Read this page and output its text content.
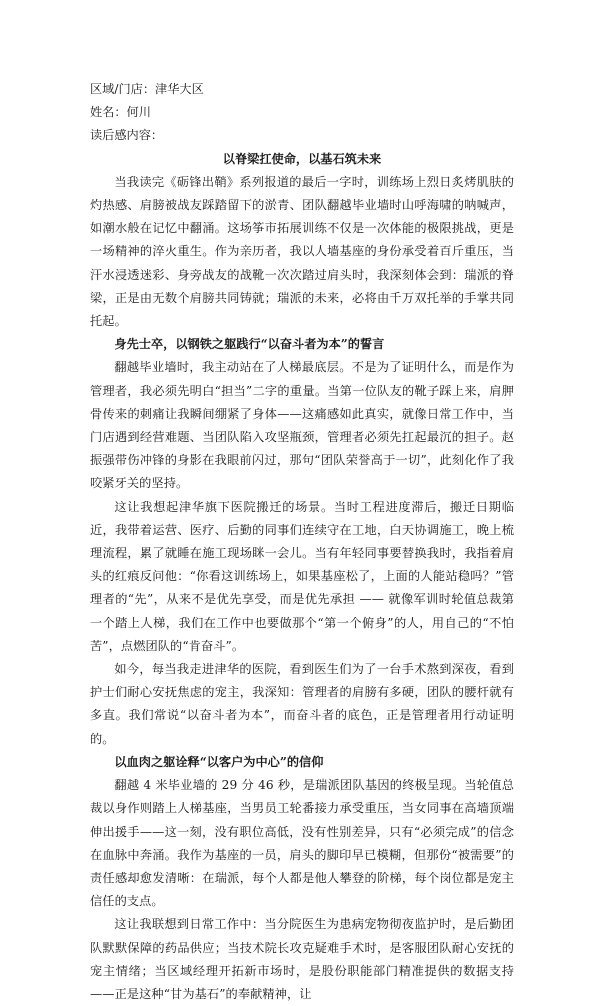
区域/门店：津华大区

姓名：何川

读后感内容：

以脊梁扛使命，以基石筑未来

当我读完《砺锋出鞘》系列报道的最后一字时，训练场上烈日炙烤肌肤的灼热感、肩膀被战友踩踏留下的淤青、团队翻越毕业墙时山呼海啸的呐喊声，如潮水般在记忆中翻涌。这场筝市拓展训练不仅是一次体能的极限挑战，更是一场精神的淬火重生。作为亲历者，我以人墙基座的身份承受着百斤重压，当汗水浸透迷彩、身旁战友的战靴一次次踏过肩头时，我深刻体会到：瑞派的脊梁，正是由无数个肩膀共同铸就；瑞派的未来，必将由千万双托举的手掌共同托起。

身先士卒，以钢铁之躯践行“以奋斗者为本”的誓言

翻越毕业墙时，我主动站在了人梯最底层。不是为了证明什么，而是作为管理者，我必须先明白“担当”二字的重量。当第一位队友的靴子踩上来，肩胛骨传来的刺痛让我瞬间绷紧了身体——这痛感如此真实，就像日常工作中，当门店遇到经营难题、当团队陷入攻坚瓶颈，管理者必须先扛起最沉的担子。赵振强带伤冲锋的身影在我眼前闪过，那句“团队荣誉高于一切”，此刻化作了我咬紧牙关的坚持。

这让我想起津华旗下医院搬迁的场景。当时工程进度滞后，搬迁日期临近，我带着运营、医疗、后勤的同事们连续守在工地，白天协调施工，晚上梳理流程，累了就睡在施工现场眯一会儿。当有年轻同事要替换我时，我指着肩头的红痕反问他：“你看这训练场上，如果基座松了，上面的人能站稳吗？”管理者的“先”，从来不是优先享受，而是优先承担 —— 就像军训时轮值总裁第一个踏上人梯，我们在工作中也要做那个“第一个俯身”的人，用自己的“不怕苦”，点燃团队的“肯奋斗”。

如今，每当我走进津华的医院，看到医生们为了一台手术熬到深夜，看到护士们耐心安抚焦虑的宠主，我深知：管理者的肩膀有多硬，团队的腰杆就有多直。我们常说“以奋斗者为本”，而奋斗者的底色，正是管理者用行动证明的。

以血肉之躯诠释“以客户为中心”的信仰

翻越 4 米毕业墙的 29 分 46 秒，是瑞派团队基因的终极呈现。当轮值总裁以身作则踏上人梯基座，当男员工轮番接力承受重压，当女同事在高墙顶端伸出援手——这一刻，没有职位高低，没有性别差异，只有“必须完成”的信念在血脉中奔涌。我作为基座的一员，肩头的脚印早已模糊，但那份“被需要”的责任感却愈发清晰：在瑞派，每个人都是他人攀登的阶梯，每个岗位都是宠主信任的支点。

这让我联想到日常工作中：当分院医生为患病宠物彻夜监护时，是后勤团队默默保障的药品供应；当技术院长攻克疑难手术时，是客服团队耐心安抚的宠主情绪；当区域经理开拓新市场时，是股份职能部门精准提供的数据支持——正是这种“甘为基石”的奉献精神，让
